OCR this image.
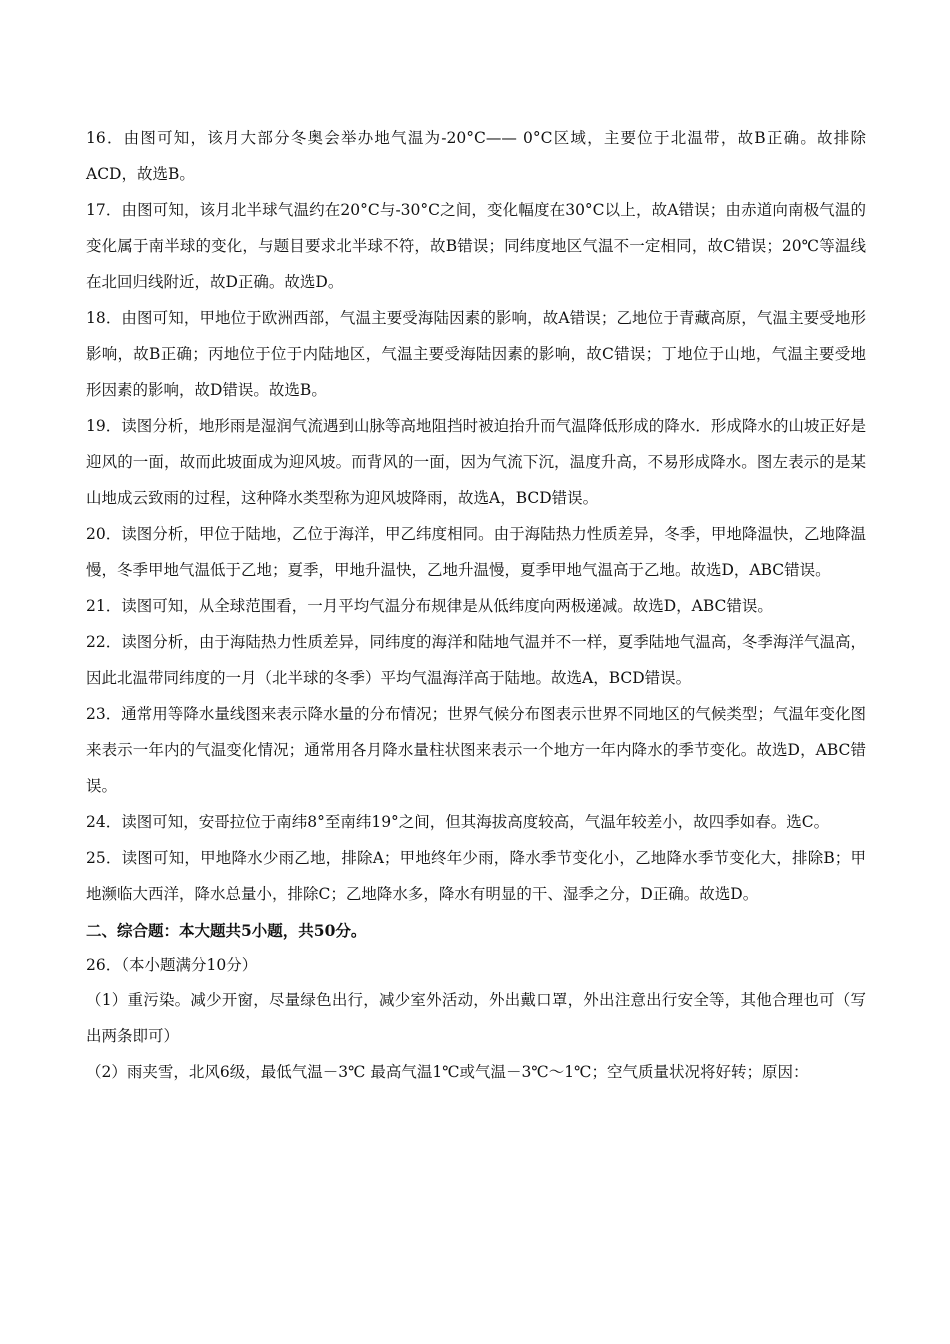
16．由图可知，该月大部分冬奥会举办地气温为-20°C—— 0°C区域，主要位于北温带，故B正确。故排除ACD，故选B。

17．由图可知，该月北半球气温约在20°C与-30°C之间，变化幅度在30°C以上，故A错误；由赤道向南极气温的变化属于南半球的变化，与题目要求北半球不符，故B错误；同纬度地区气温不一定相同，故C错误；20℃等温线在北回归线附近，故D正确。故选D。

18．由图可知，甲地位于欧洲西部，气温主要受海陆因素的影响，故A错误；乙地位于青藏高原，气温主要受地形影响，故B正确；丙地位于位于内陆地区，气温主要受海陆因素的影响，故C错误；丁地位于山地，气温主要受地形因素的影响，故D错误。故选B。

19．读图分析，地形雨是湿润气流遇到山脉等高地阻挡时被迫抬升而气温降低形成的降水．形成降水的山坡正好是迎风的一面，故而此坡面成为迎风坡。而背风的一面，因为气流下沉，温度升高，不易形成降水。图左表示的是某山地成云致雨的过程，这种降水类型称为迎风坡降雨，故选A，BCD错误。

20．读图分析，甲位于陆地，乙位于海洋，甲乙纬度相同。由于海陆热力性质差异，冬季，甲地降温快，乙地降温慢，冬季甲地气温低于乙地；夏季，甲地升温快，乙地升温慢，夏季甲地气温高于乙地。故选D，ABC错误。

21．读图可知，从全球范围看，一月平均气温分布规律是从低纬度向两极递减。故选D，ABC错误。

22．读图分析，由于海陆热力性质差异，同纬度的海洋和陆地气温并不一样，夏季陆地气温高，冬季海洋气温高，因此北温带同纬度的一月（北半球的冬季）平均气温海洋高于陆地。故选A，BCD错误。

23．通常用等降水量线图来表示降水量的分布情况；世界气候分布图表示世界不同地区的气候类型；气温年变化图来表示一年内的气温变化情况；通常用各月降水量柱状图来表示一个地方一年内降水的季节变化。故选D，ABC错误。

24．读图可知，安哥拉位于南纬8°至南纬19°之间，但其海拔高度较高，气温年较差小，故四季如春。选C。

25．读图可知，甲地降水少雨乙地，排除A；甲地终年少雨，降水季节变化小，乙地降水季节变化大，排除B；甲地濒临大西洋，降水总量小，排除C；乙地降水多，降水有明显的干、湿季之分，D正确。故选D。

二、综合题：本大题共5小题，共50分。

26．（本小题满分10分）

（1）重污染。减少开窗，尽量绿色出行，减少室外活动，外出戴口罩，外出注意出行安全等，其他合理也可（写出两条即可）

（2）雨夹雪，北风6级，最低气温－3℃ 最高气温1℃或气温－3℃～1℃；空气质量状况将好转；原因：
